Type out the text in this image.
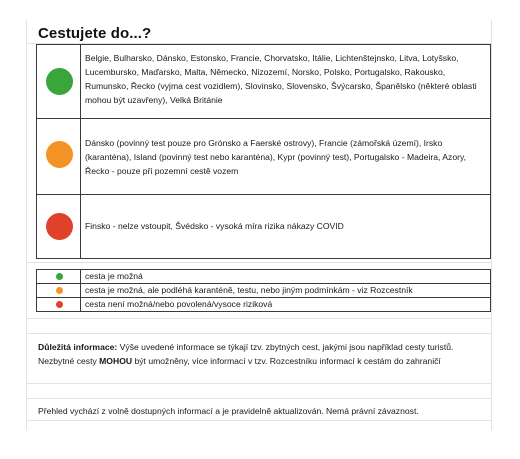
Cestujete do...?
Belgie, Bulharsko, Dánsko, Estonsko, Francie, Chorvatsko, Itálie, Lichtenštejnsko, Litva, Lotyšsko, Lucembursko, Maďarsko, Malta, Německo, Nizozemí, Norsko, Polsko, Portugalsko, Rakousko, Rumunsko, Řecko (vyjma cest vozidlem), Slovinsko, Slovensko, Švýcarsko, Španělsko (některé oblasti mohou být uzavřeny), Velká Británie
Dánsko (povinný test pouze pro Grónsko a Faerské ostrovy), Francie (zámořská území), Irsko (karanténa), Island (povinný test nebo karanténa), Kypr (povinný test), Portugalsko - Madeira, Azory, Řecko - pouze při pozemní cestě vozem
Finsko - nelze vstoupit, Švédsko - vysoká míra rizika nákazy COVID
cesta je možná
cesta je možná, ale podléhá karanténě, testu, nebo jiným podmínkám - viz Rozcestník
cesta není možná/nebo povolená/vysoce riziková
Důležitá informace: Výše uvedené informace se týkají tzv. zbytných cest, jakými jsou například cesty turistů. Nezbytné cesty MOHOU být umožněny, více informací v tzv. Rozcestníku informací k cestám do zahraničí
Přehled vychází z volně dostupných informací a je pravidelně aktualizován. Nemá právní závaznost.
